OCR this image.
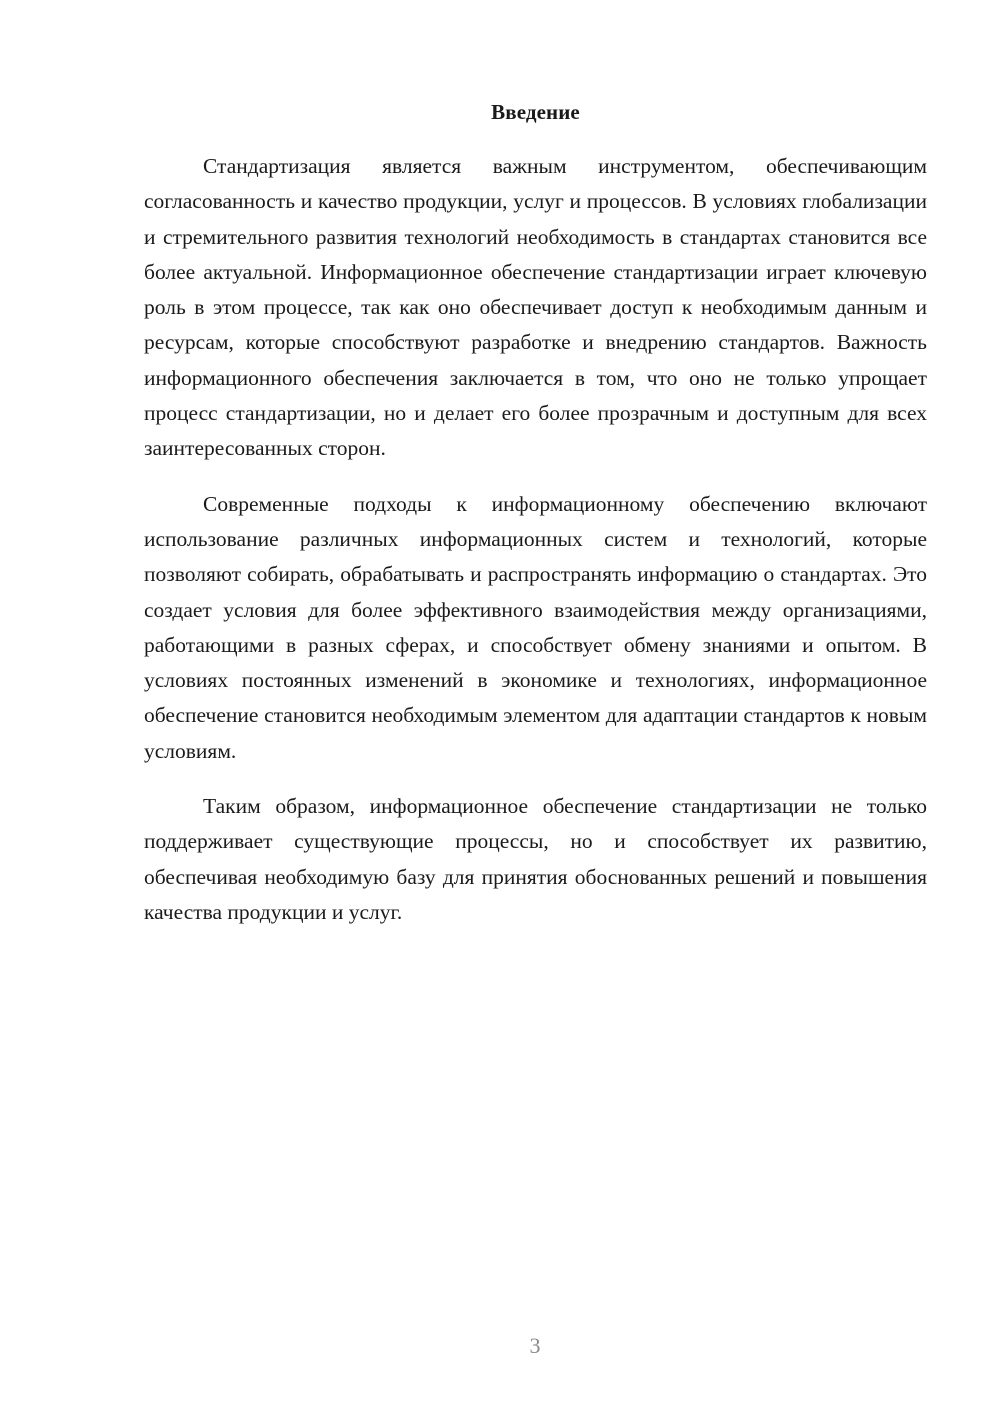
Введение

Стандартизация является важным инструментом, обеспечивающим согласованность и качество продукции, услуг и процессов. В условиях глобализации и стремительного развития технологий необходимость в стандартах становится все более актуальной. Информационное обеспечение стандартизации играет ключевую роль в этом процессе, так как оно обеспечивает доступ к необходимым данным и ресурсам, которые способствуют разработке и внедрению стандартов. Важность информационного обеспечения заключается в том, что оно не только упрощает процесс стандартизации, но и делает его более прозрачным и доступным для всех заинтересованных сторон.

Современные подходы к информационному обеспечению включают использование различных информационных систем и технологий, которые позволяют собирать, обрабатывать и распространять информацию о стандартах. Это создает условия для более эффективного взаимодействия между организациями, работающими в разных сферах, и способствует обмену знаниями и опытом. В условиях постоянных изменений в экономике и технологиях, информационное обеспечение становится необходимым элементом для адаптации стандартов к новым условиям.

Таким образом, информационное обеспечение стандартизации не только поддерживает существующие процессы, но и способствует их развитию, обеспечивая необходимую базу для принятия обоснованных решений и повышения качества продукции и услуг.

3
